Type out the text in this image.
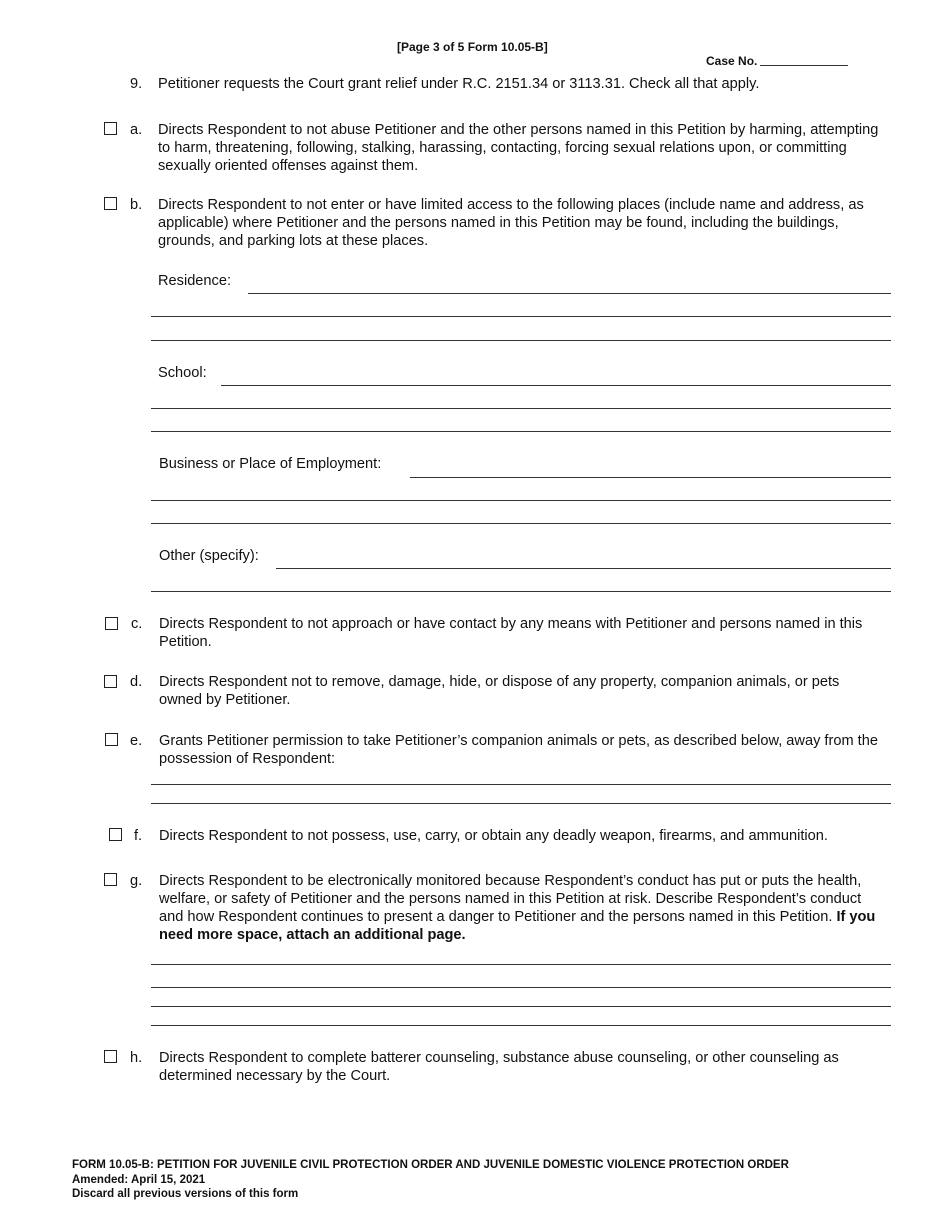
[Page 3 of 5 Form 10.05-B]
Case No.
9. Petitioner requests the Court grant relief under R.C. 2151.34 or 3113.31. Check all that apply.
a. Directs Respondent to not abuse Petitioner and the other persons named in this Petition by harming, attempting to harm, threatening, following, stalking, harassing, contacting, forcing sexual relations upon, or committing sexually oriented offenses against them.
b. Directs Respondent to not enter or have limited access to the following places (include name and address, as applicable) where Petitioner and the persons named in this Petition may be found, including the buildings, grounds, and parking lots at these places.
Residence:
School:
Business or Place of Employment:
Other (specify):
c. Directs Respondent to not approach or have contact by any means with Petitioner and persons named in this Petition.
d. Directs Respondent not to remove, damage, hide, or dispose of any property, companion animals, or pets owned by Petitioner.
e. Grants Petitioner permission to take Petitioner’s companion animals or pets, as described below, away from the possession of Respondent:
f. Directs Respondent to not possess, use, carry, or obtain any deadly weapon, firearms, and ammunition.
g. Directs Respondent to be electronically monitored because Respondent’s conduct has put or puts the health, welfare, or safety of Petitioner and the persons named in this Petition at risk. Describe Respondent’s conduct and how Respondent continues to present a danger to Petitioner and the persons named in this Petition. If you need more space, attach an additional page.
h. Directs Respondent to complete batterer counseling, substance abuse counseling, or other counseling as determined necessary by the Court.
FORM 10.05-B: PETITION FOR JUVENILE CIVIL PROTECTION ORDER AND JUVENILE DOMESTIC VIOLENCE PROTECTION ORDER
Amended: April 15, 2021
Discard all previous versions of this form
